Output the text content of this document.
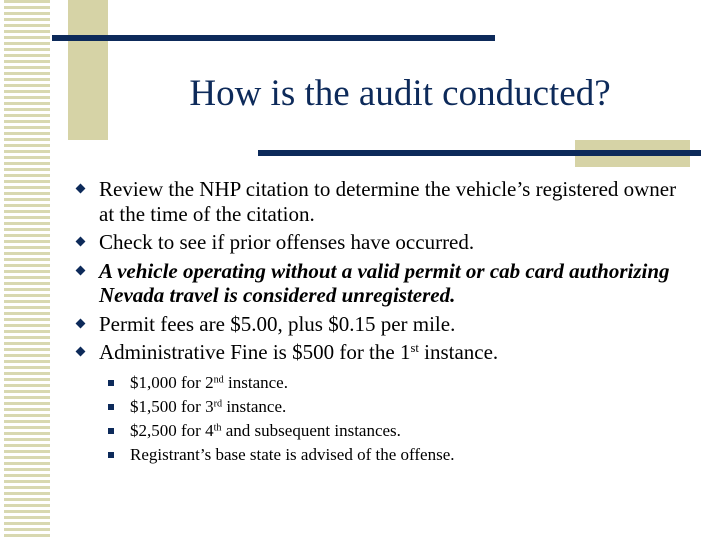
How is the audit conducted?
Review the NHP citation to determine the vehicle’s registered owner at the time of the citation.
Check to see if prior offenses have occurred.
A vehicle operating without a valid permit or cab card authorizing Nevada travel is considered unregistered.
Permit fees are $5.00, plus $0.15 per mile.
Administrative Fine is $500 for the 1st instance.
$1,000 for 2nd instance.
$1,500 for 3rd instance.
$2,500 for 4th and subsequent instances.
Registrant’s base state is advised of the offense.
